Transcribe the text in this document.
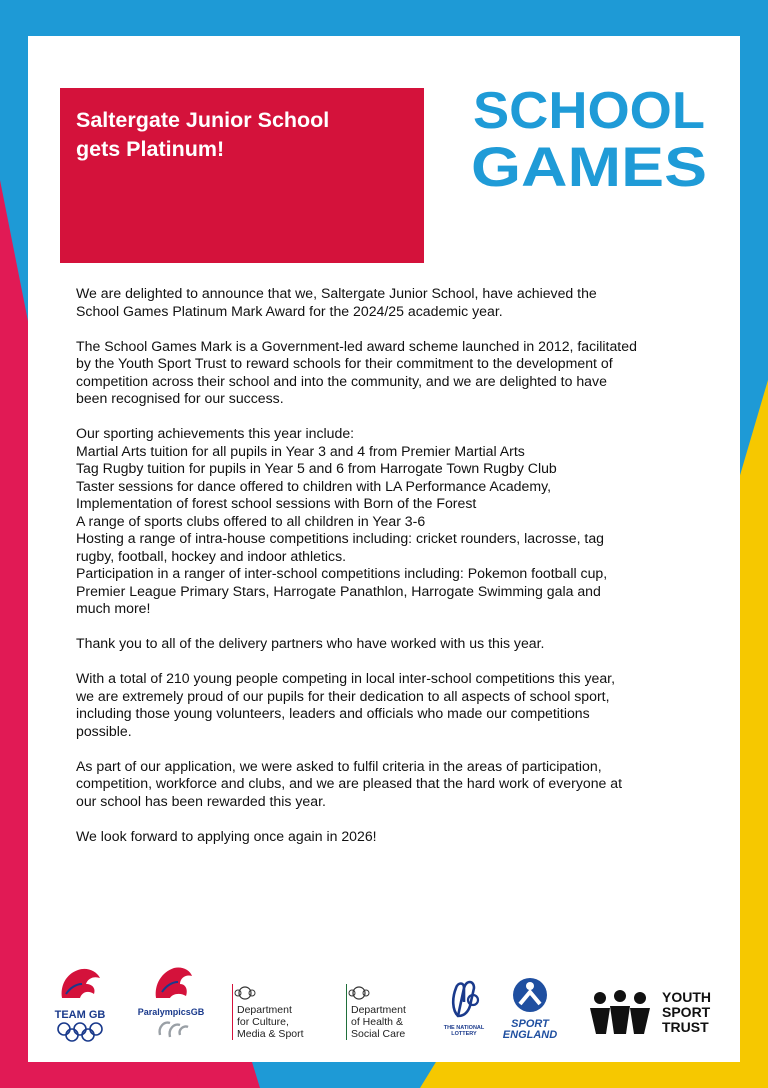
Saltergate Junior School
gets Platinum!
SCHOOL
GAMES

We are delighted to announce that we, Saltergate Junior School, have achieved the
School Games Platinum Mark Award for the 2024/25 academic year.

The School Games Mark is a Government-led award scheme launched in 2012, facilitated
by the Youth Sport Trust to reward schools for their commitment to the development of
competition across their school and into the community, and we are delighted to have
been recognised for our success.

Our sporting achievements this year include:
Martial Arts tuition for all pupils in Year 3 and 4 from Premier Martial Arts
Tag Rugby tuition for pupils in Year 5 and 6 from Harrogate Town Rugby Club
Taster sessions for dance offered to children with LA Performance Academy,
Implementation of forest school sessions with Born of the Forest
A range of sports clubs offered to all children in Year 3-6
Hosting a range of intra-house competitions including: cricket rounders, lacrosse, tag
rugby, football, hockey and indoor athletics.
Participation in a ranger of inter-school competitions including: Pokemon football cup,
Premier League Primary Stars, Harrogate Panathlon, Harrogate Swimming gala and
much more!

Thank you to all of the delivery partners who have worked with us this year.

With a total of 210 young people competing in local inter-school competitions this year,
we are extremely proud of our pupils for their dedication to all aspects of school sport,
including those young volunteers, leaders and officials who made our competitions
possible.

As part of our application, we were asked to fulfil criteria in the areas of participation,
competition, workforce and clubs, and we are pleased that the hard work of everyone at
our school has been rewarded this year.

We look forward to applying once again in 2026!

TEAM GB	ParalympicsGB	Department
for Culture,
Media & Sport
Department
of Health &
Social Care	THE NATIONAL
LOTTERY
SPORT
ENGLAND
YOUTH
SPORT
TRUST
